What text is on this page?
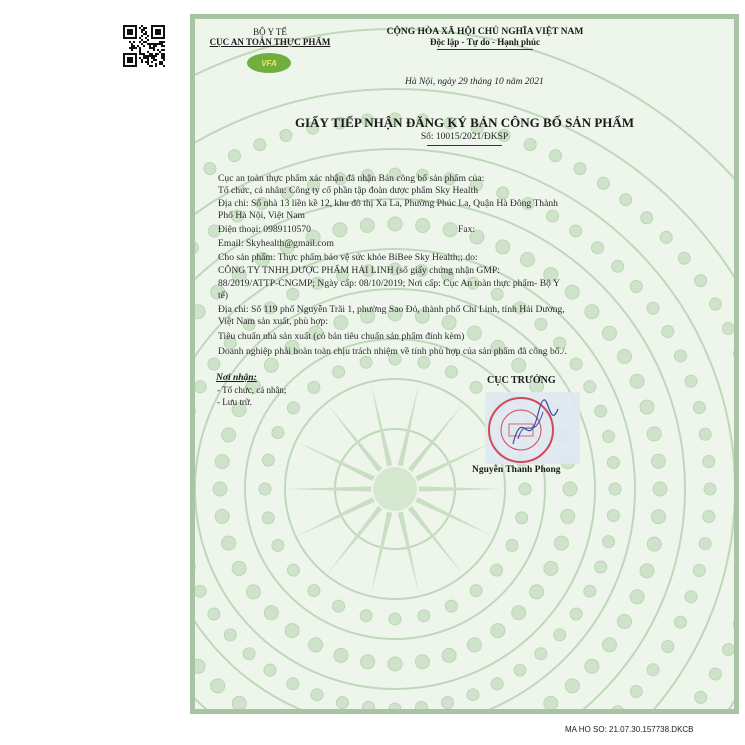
BỘ Y TẾ
CỤC AN TOÀN THỰC PHẨM
VFA
CỘNG HÒA XÃ HỘI CHỦ NGHĨA VIỆT NAM
Độc lập - Tự do - Hạnh phúc
Hà Nội, ngày 29 tháng 10 năm 2021
GIẤY TIẾP NHẬN ĐĂNG KÝ BẢN CÔNG BỐ SẢN PHẨM
Số: 10015/2021/ĐKSP
Cục an toàn thực phẩm xác nhận đã nhận Bản công bố sản phẩm của:
Tổ chức, cá nhân: Công ty cổ phần tập đoàn dược phẩm Sky Health
Địa chỉ: Số nhà 13 liền kề 12, khu đô thị Xa La, Phường Phúc La, Quận Hà Đông Thành
Phố Hà Nội, Việt Nam
Điện thoại: 0989110570	Fax:
Email: Skyhealth@gmail.com
Cho sản phẩm: Thực phẩm bảo vệ sức khỏe BiBee Sky Health;; do:
CÔNG TY TNHH DƯỢC PHẨM HẢI LINH (số giấy chứng nhận GMP:
88/2019/ATTP-CNGMP; Ngày cấp: 08/10/2019; Nơi cấp: Cục An toàn thực phẩm- Bộ Y
tế)
Địa chỉ: Số 119 phố Nguyễn Trãi 1, phường Sao Đỏ, thành phố Chí Linh, tỉnh Hải Dương,
Việt Nam sản xuất, phù hợp:
Tiêu chuẩn nhà sản xuất (có bản tiêu chuẩn sản phẩm đính kèm)
Doanh nghiệp phải hoàn toàn chịu trách nhiệm về tính phù hợp của sản phẩm đã công bố./.
Nơi nhận:
- Tổ chức, cá nhân;
- Lưu trữ.
CỤC TRƯỞNG
Nguyễn Thanh Phong
MA HO SO: 21.07.30.157738.DKCB
